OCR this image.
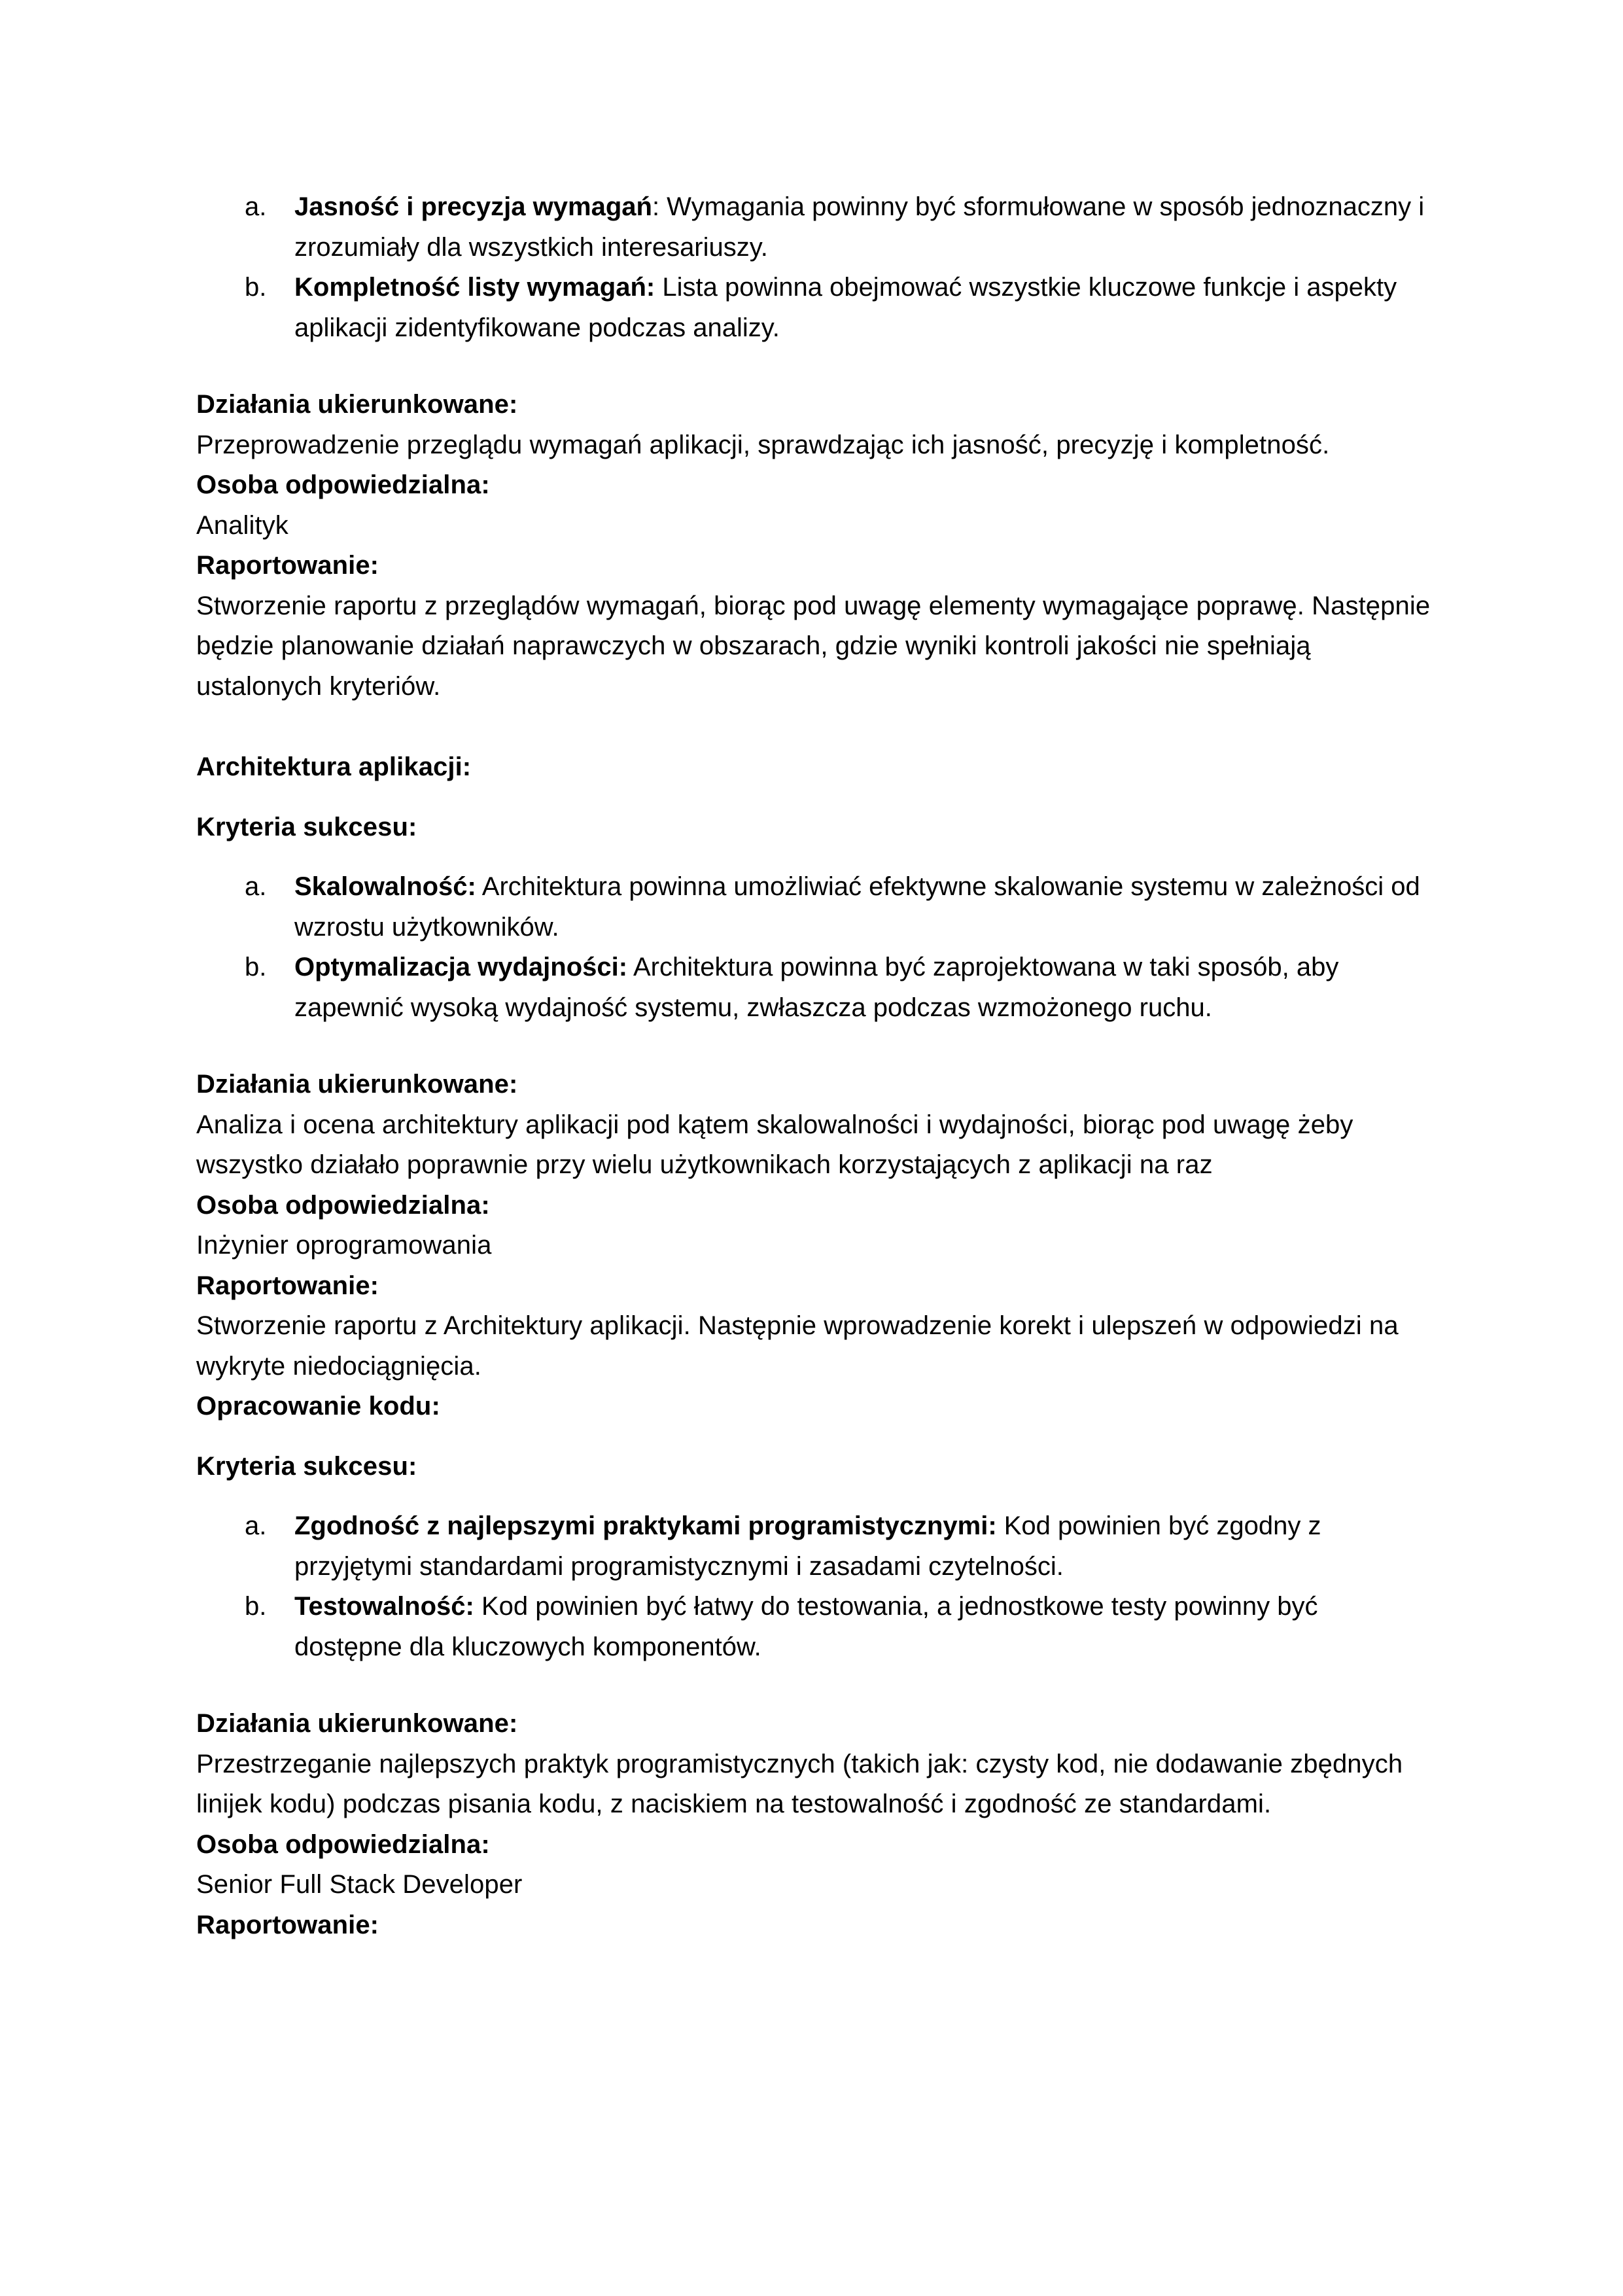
a.	Jasność i precyzja wymagań: Wymagania powinny być sformułowane w sposób jednoznaczny i zrozumiały dla wszystkich interesariuszy.
b.	Kompletność listy wymagań: Lista powinna obejmować wszystkie kluczowe funkcje i aspekty aplikacji zidentyfikowane podczas analizy.

Działania ukierunkowane:

Przeprowadzenie przeglądu wymagań aplikacji, sprawdzając ich jasność, precyzję i kompletność.

Osoba odpowiedzialna:

Analityk

Raportowanie:

Stworzenie raportu z przeglądów wymagań, biorąc pod uwagę elementy wymagające poprawę. Następnie będzie planowanie działań naprawczych w obszarach, gdzie wyniki kontroli jakości nie spełniają ustalonych kryteriów.

Architektura aplikacji:

Kryteria sukcesu:

a.	Skalowalność: Architektura powinna umożliwiać efektywne skalowanie systemu w zależności od wzrostu użytkowników.
b.	Optymalizacja wydajności: Architektura powinna być zaprojektowana w taki sposób, aby zapewnić wysoką wydajność systemu, zwłaszcza podczas wzmożonego ruchu.

Działania ukierunkowane:

Analiza i ocena architektury aplikacji pod kątem skalowalności i wydajności, biorąc pod uwagę żeby wszystko działało poprawnie przy wielu użytkownikach korzystających z aplikacji na raz

Osoba odpowiedzialna:

Inżynier oprogramowania

Raportowanie:

Stworzenie raportu z Architektury aplikacji. Następnie wprowadzenie korekt i ulepszeń w odpowiedzi na wykryte niedociągnięcia.

Opracowanie kodu:

Kryteria sukcesu:

a.	Zgodność z najlepszymi praktykami programistycznymi: Kod powinien być zgodny z przyjętymi standardami programistycznymi i zasadami czytelności.
b.	Testowalność: Kod powinien być łatwy do testowania, a jednostkowe testy powinny być dostępne dla kluczowych komponentów.

Działania ukierunkowane:

Przestrzeganie najlepszych praktyk programistycznych (takich jak: czysty kod, nie dodawanie zbędnych linijek kodu) podczas pisania kodu, z naciskiem na testowalność i zgodność ze standardami.

Osoba odpowiedzialna:

Senior Full Stack Developer

Raportowanie:
